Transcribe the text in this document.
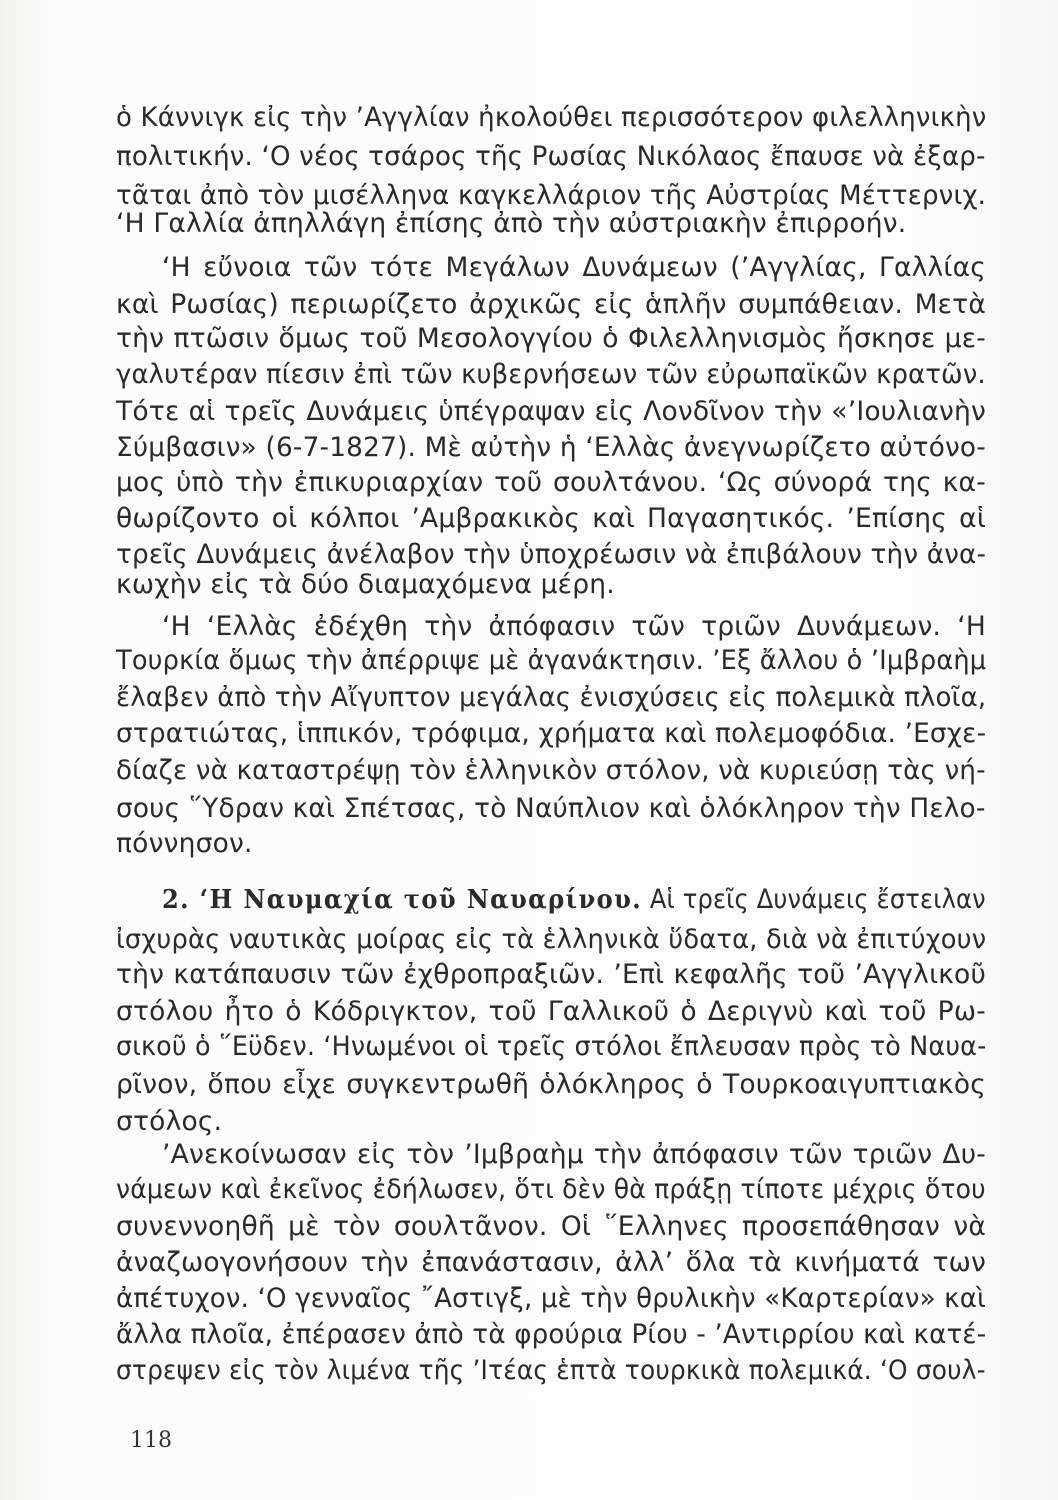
ὁ Κάννιγκ εἰς τὴν ’Αγγλίαν ἠκολούθει περισσότερον φιλελληνικὴν
πολιτικήν. ‘Ο νέος τσάρος τῆς Ρωσίας Νικόλαος ἔπαυσε νὰ ἐξαρ-
τᾶται ἀπὸ τὸν μισέλληνα καγκελλάριον τῆς Αὐστρίας Μέττερνιχ.
‘Η Γαλλία ἀπηλλάγη ἐπίσης ἀπὸ τὴν αὐστριακὴν ἐπιρροήν.
‘Η εὔνοια τῶν τότε Μεγάλων Δυνάμεων (’Αγγλίας, Γαλλίας
καὶ Ρωσίας) περιωρίζετο ἀρχικῶς εἰς ἁπλῆν συμπάθειαν. Μετὰ
τὴν πτῶσιν ὅμως τοῦ Μεσολογγίου ὁ Φιλελληνισμὸς ἤσκησε με-
γαλυτέραν πίεσιν ἐπὶ τῶν κυβερνήσεων τῶν εὐρωπαϊκῶν κρατῶν.
Τότε αἱ τρεῖς Δυνάμεις ὑπέγραψαν εἰς Λονδῖνον τὴν «’Ιουλιανὴν
Σύμβασιν» (6-7-1827). Μὲ αὐτὴν ἡ ‘Ελλὰς ἀνεγνωρίζετο αὐτόνο-
μος ὑπὸ τὴν ἐπικυριαρχίαν τοῦ σουλτάνου. ‘Ως σύνορά της κα-
θωρίζοντο οἱ κόλποι ’Αμβρακικὸς καὶ Παγασητικός. ’Επίσης αἱ
τρεῖς Δυνάμεις ἀνέλαβον τὴν ὑποχρέωσιν νὰ ἐπιβάλουν τὴν ἀνα-
κωχὴν εἰς τὰ δύο διαμαχόμενα μέρη.
‘Η ‘Ελλὰς ἐδέχθη τὴν ἀπόφασιν τῶν τριῶν Δυνάμεων. ‘Η
Τουρκία ὅμως τὴν ἀπέρριψε μὲ ἀγανάκτησιν. ’Εξ ἄλλου ὁ ’Ιμβραὴμ
ἔλαβεν ἀπὸ τὴν Αἴγυπτον μεγάλας ἐνισχύσεις εἰς πολεμικὰ πλοῖα,
στρατιώτας, ἱππικόν, τρόφιμα, χρήματα καὶ πολεμοφόδια. ’Εσχε-
δίαζε νὰ καταστρέψῃ τὸν ἑλληνικὸν στόλον, νὰ κυριεύσῃ τὰς νή-
σους ῞Υδραν καὶ Σπέτσας, τὸ Ναύπλιον καὶ ὁλόκληρον τὴν Πελο-
πόννησον.
2. ‘Η Ναυμαχία τοῦ Ναυαρίνου. Αἱ τρεῖς Δυνάμεις ἔστειλαν
ἰσχυρὰς ναυτικὰς μοίρας εἰς τὰ ἑλληνικὰ ὕδατα, διὰ νὰ ἐπιτύχουν
τὴν κατάπαυσιν τῶν ἐχθροπραξιῶν. ’Επὶ κεφαλῆς τοῦ ’Αγγλικοῦ
στόλου ἦτο ὁ Κόδριγκτον, τοῦ Γαλλικοῦ ὁ Δεριγνὺ καὶ τοῦ Ρω-
σικοῦ ὁ ῞Εϋδεν. ‘Ηνωμένοι οἱ τρεῖς στόλοι ἔπλευσαν πρὸς τὸ Ναυα-
ρῖνον, ὅπου εἶχε συγκεντρωθῆ ὁλόκληρος ὁ Τουρκοαιγυπτιακὸς
στόλος.
’Ανεκοίνωσαν εἰς τὸν ’Ιμβραὴμ τὴν ἀπόφασιν τῶν τριῶν Δυ-
νάμεων καὶ ἐκεῖνος ἐδήλωσεν, ὅτι δὲν θὰ πράξῃ τίποτε μέχρις ὅτου
συνεννοηθῆ μὲ τὸν σουλτᾶνον. Οἱ ῞Ελληνες προσεπάθησαν νὰ
ἀναζωογονήσουν τὴν ἐπανάστασιν, ἀλλ’ ὅλα τὰ κινήματά των
ἀπέτυχον. ‘Ο γενναῖος ῎Αστιγξ, μὲ τὴν θρυλικὴν «Καρτερίαν» καὶ
ἄλλα πλοῖα, ἐπέρασεν ἀπὸ τὰ φρούρια Ρίου - ’Αντιρρίου καὶ κατέ-
στρεψεν εἰς τὸν λιμένα τῆς ’Ιτέας ἑπτὰ τουρκικὰ πολεμικά. ‘Ο σουλ-
118
